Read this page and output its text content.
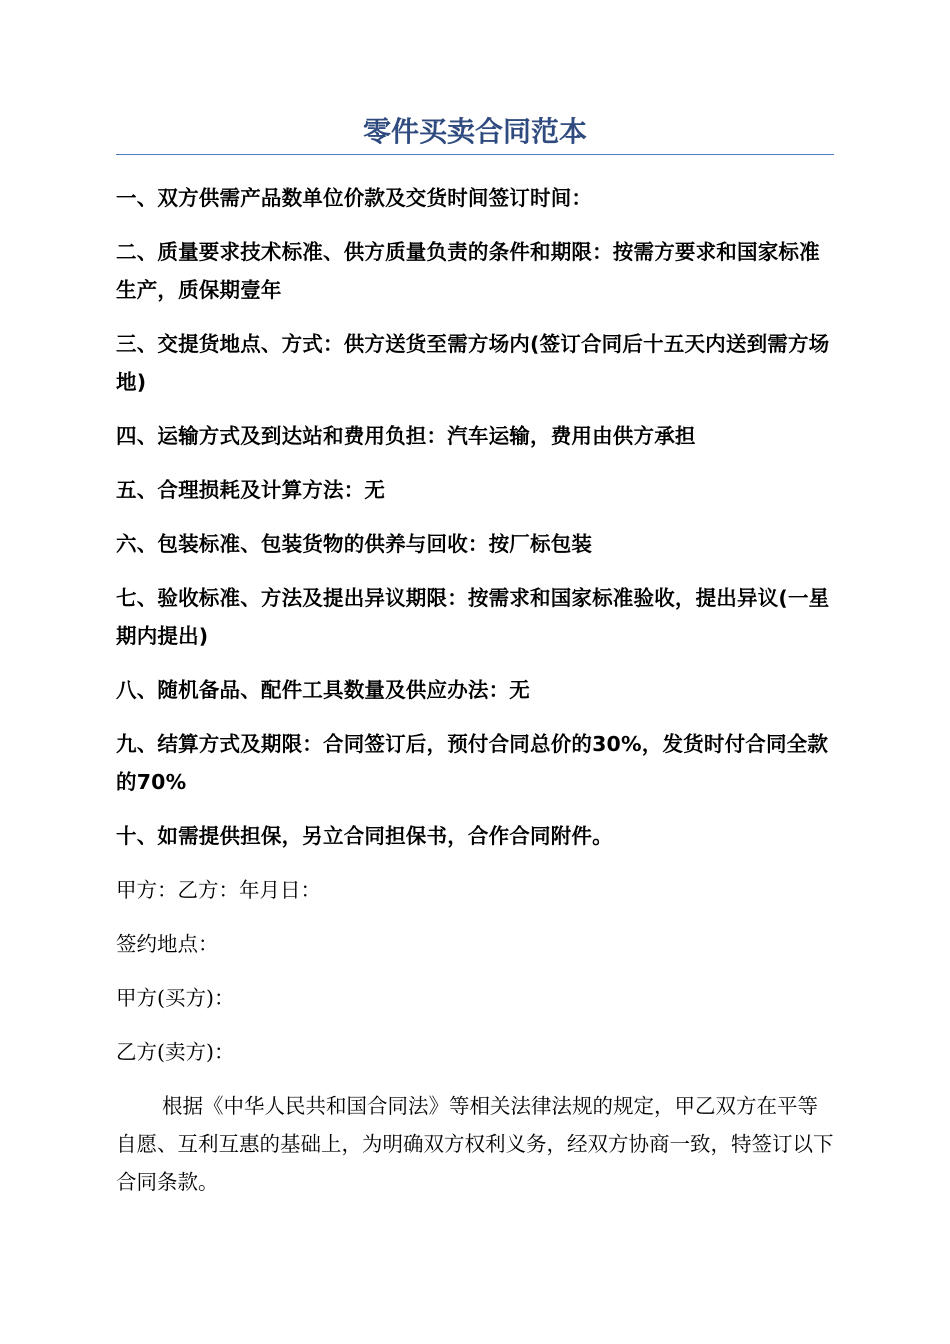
零件买卖合同范本

一、双方供需产品数单位价款及交货时间签订时间：

二、质量要求技术标准、供方质量负责的条件和期限：按需方要求和国家标准生产，质保期壹年

三、交提货地点、方式：供方送货至需方场内(签订合同后十五天内送到需方场地)

四、运输方式及到达站和费用负担：汽车运输，费用由供方承担

五、合理损耗及计算方法：无

六、包装标准、包装货物的供养与回收：按厂标包装

七、验收标准、方法及提出异议期限：按需求和国家标准验收，提出异议(一星期内提出)

八、随机备品、配件工具数量及供应办法：无

九、结算方式及期限：合同签订后，预付合同总价的30%，发货时付合同全款的70%

十、如需提供担保，另立合同担保书，合作合同附件。

甲方：乙方：年月日：

签约地点：

甲方(买方)：

乙方(卖方)：

根据《中华人民共和国合同法》等相关法律法规的规定，甲乙双方在平等自愿、互利互惠的基础上，为明确双方权利义务，经双方协商一致，特签订以下合同条款。
